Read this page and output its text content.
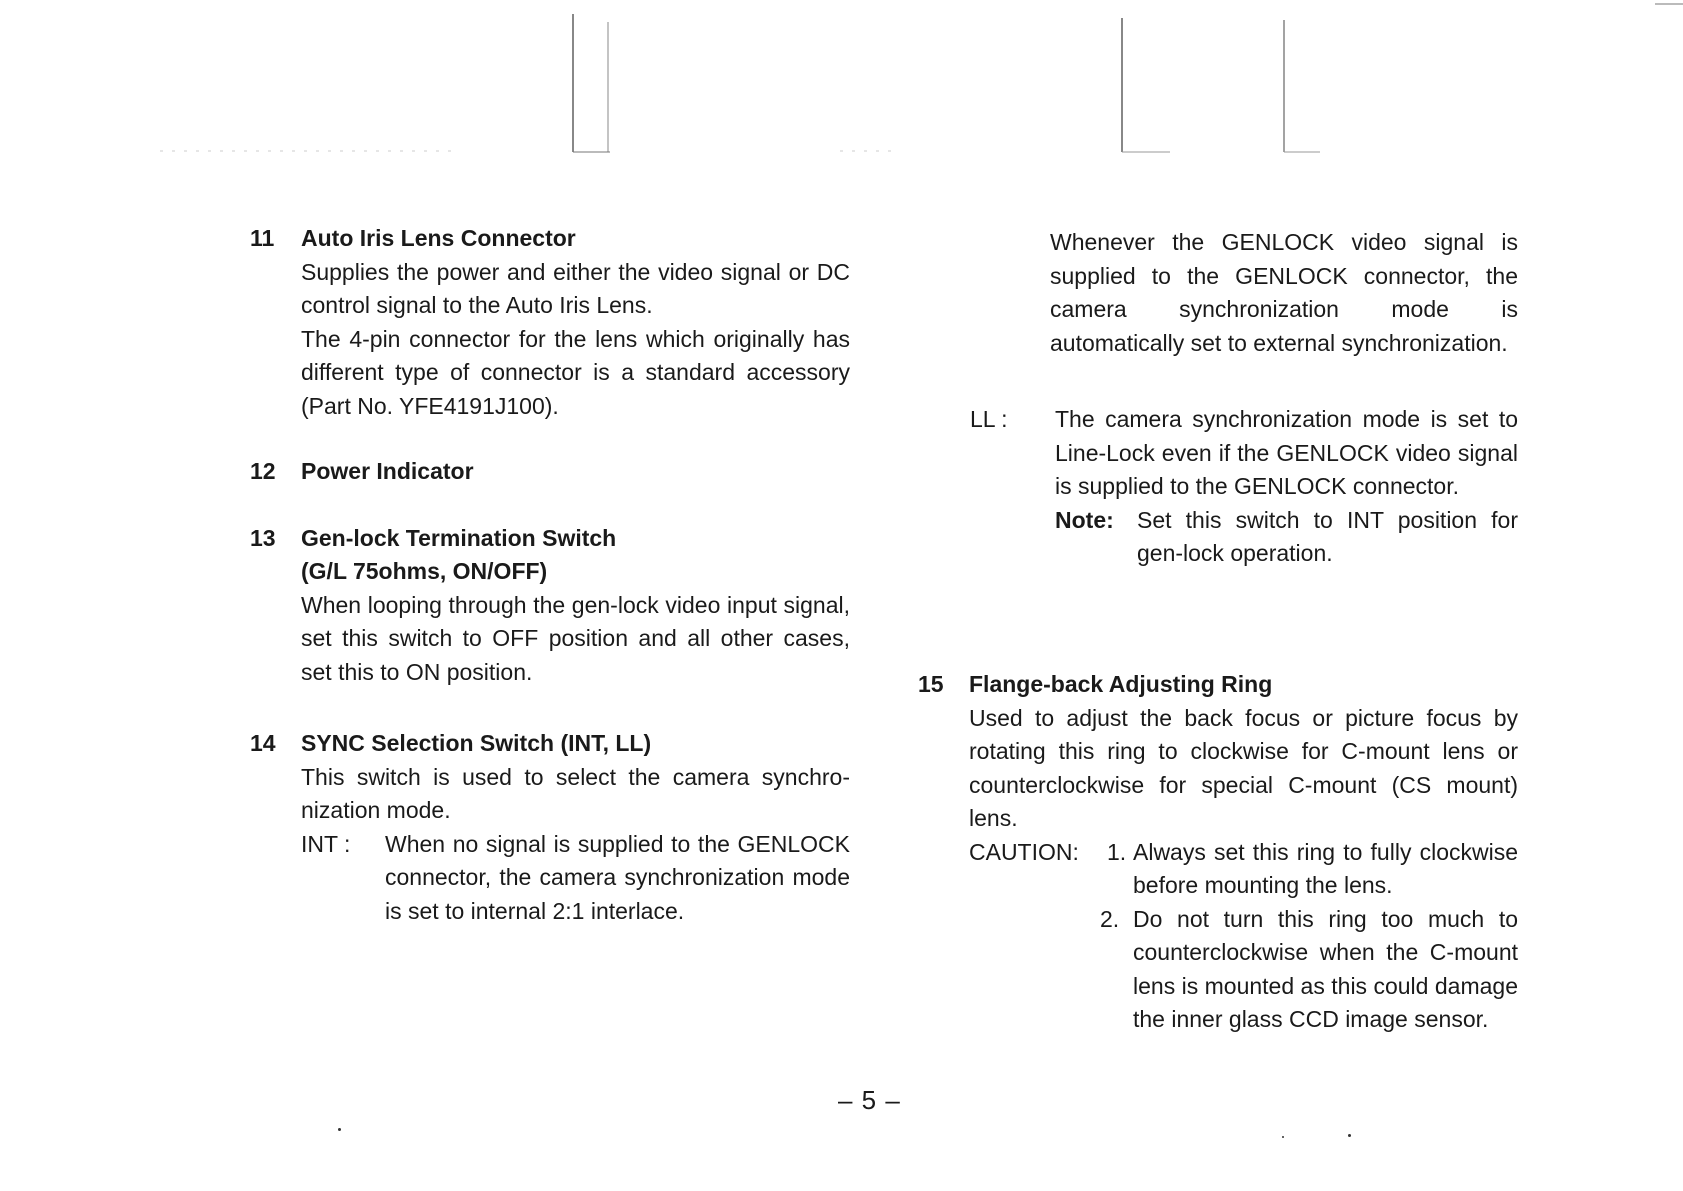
11	Auto Iris Lens Connector

Supplies the power and either the video signal or DC control signal to the Auto Iris Lens.

The 4-pin connector for the lens which originally has different type of connector is a standard accessory (Part No. YFE4191J100).

12	Power Indicator
13	Gen-lock Termination Switch
(G/L 75ohms, ON/OFF)

When looping through the gen-lock video input signal, set this switch to OFF position and all other cases, set this to ON position.

14	SYNC Selection Switch (INT, LL)

This switch is used to select the camera synchronization mode.

INT : When no signal is supplied to the GENLOCK connector, the camera synchronization mode is set to internal 2:1 interlace.

Whenever the GENLOCK video signal is supplied to the GENLOCK connector, the camera synchronization mode is automatically set to external synchronization.

LL : The camera synchronization mode is set to Line-Lock even if the GENLOCK video signal is supplied to the GENLOCK connector.

Note: Set this switch to INT position for gen-lock operation.

15	Flange-back Adjusting Ring

Used to adjust the back focus or picture focus by rotating this ring to clockwise for C-mount lens or counterclockwise for special C-mount (CS mount) lens.

CAUTION: 1. Always set this ring to fully clockwise before mounting the lens.

2. Do not turn this ring too much to counterclockwise when the C-mount lens is mounted as this could damage the inner glass CCD image sensor.

– 5 –
